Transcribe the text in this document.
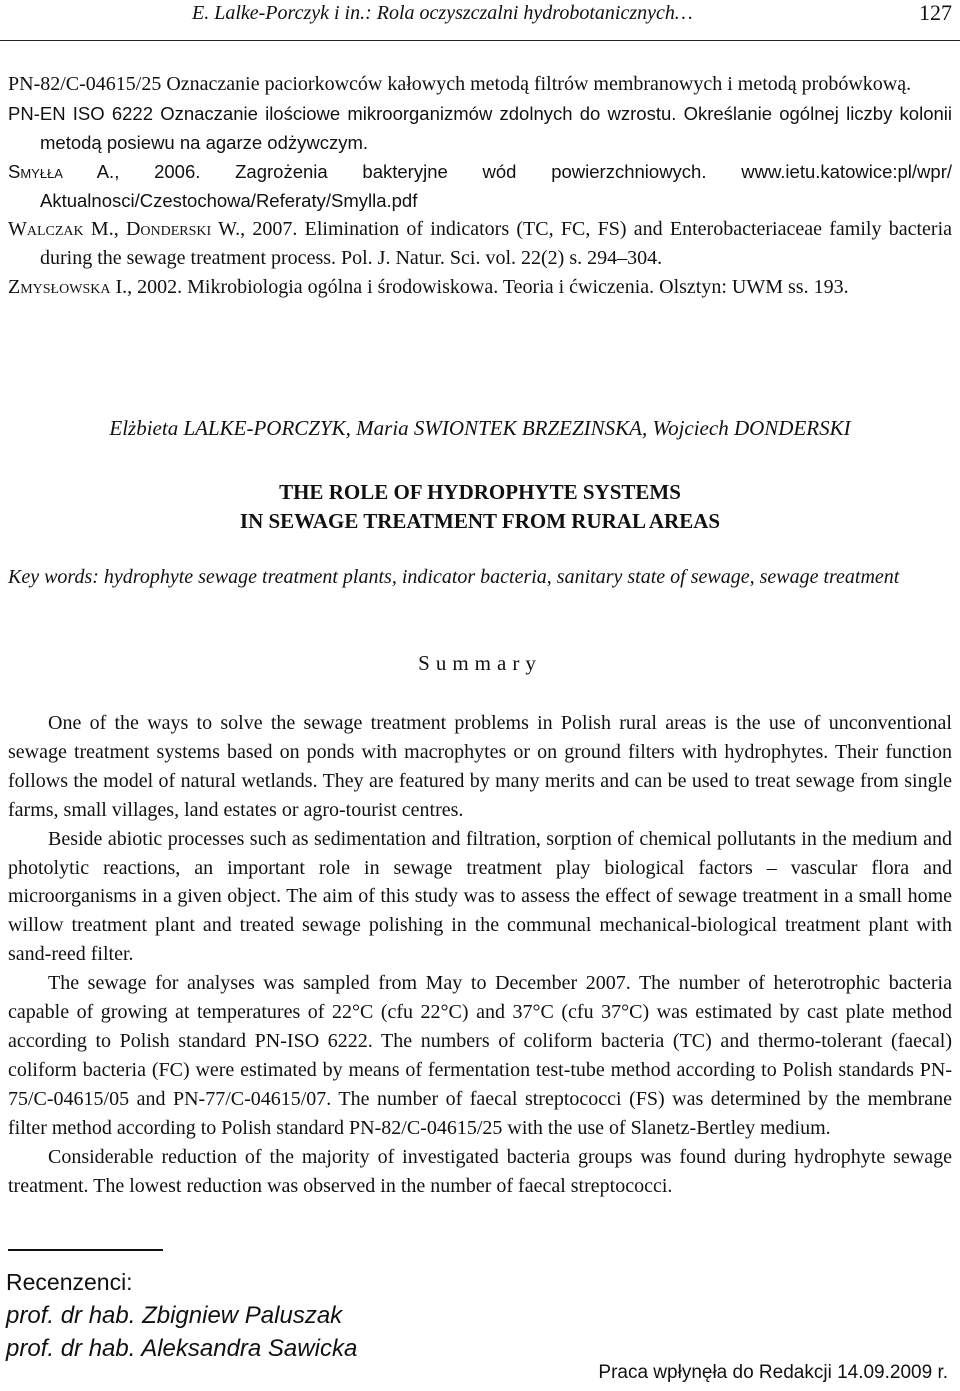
E. Lalke-Porczyk i in.: Rola oczyszczalni hydrobotanicznych…	127

PN-82/C-04615/25 Oznaczanie paciorkowców kałowych metodą filtrów membranowych i metodą probówkową.

PN-EN ISO 6222 Oznaczanie ilościowe mikroorganizmów zdolnych do wzrostu. Określanie ogólnej liczby kolonii metodą posiewu na agarze odżywczym.

Smyłła A., 2006. Zagrożenia bakteryjne wód powierzchniowych. www.ietu.katowice:pl/wpr/ Aktualnosci/Czestochowa/Referaty/Smylla.pdf

Walczak M., Donderski W., 2007. Elimination of indicators (TC, FC, FS) and Enterobacteriaceae family bacteria during the sewage treatment process. Pol. J. Natur. Sci. vol. 22(2) s. 294–304.

Zmysłowska I., 2002. Mikrobiologia ogólna i środowiskowa. Teoria i ćwiczenia. Olsztyn: UWM ss. 193.

Elżbieta LALKE-PORCZYK, Maria SWIONTEK BRZEZINSKA, Wojciech DONDERSKI
THE ROLE OF HYDROPHYTE SYSTEMS
IN SEWAGE TREATMENT FROM RURAL AREAS
Key words: hydrophyte sewage treatment plants, indicator bacteria, sanitary state of sewage, sewage treatment
Summary

One of the ways to solve the sewage treatment problems in Polish rural areas is the use of unconventional sewage treatment systems based on ponds with macrophytes or on ground filters with hydrophytes. Their function follows the model of natural wetlands. They are featured by many merits and can be used to treat sewage from single farms, small villages, land estates or agro-tourist centres.

Beside abiotic processes such as sedimentation and filtration, sorption of chemical pollutants in the medium and photolytic reactions, an important role in sewage treatment play biological factors – vascular flora and microorganisms in a given object. The aim of this study was to assess the effect of sewage treatment in a small home willow treatment plant and treated sewage polishing in the communal mechanical-biological treatment plant with sand-reed filter.

The sewage for analyses was sampled from May to December 2007. The number of heterotrophic bacteria capable of growing at temperatures of 22°C (cfu 22°C) and 37°C (cfu 37°C) was estimated by cast plate method according to Polish standard PN-ISO 6222. The numbers of coliform bacteria (TC) and thermo-tolerant (faecal) coliform bacteria (FC) were estimated by means of fermentation test-tube method according to Polish standards PN-75/C-04615/05 and PN-77/C-04615/07. The number of faecal streptococci (FS) was determined by the membrane filter method according to Polish standard PN-82/C-04615/25 with the use of Slanetz-Bertley medium.

Considerable reduction of the majority of investigated bacteria groups was found during hydrophyte sewage treatment. The lowest reduction was observed in the number of faecal streptococci.

Recenzenci:
prof. dr hab. Zbigniew Paluszak
prof. dr hab. Aleksandra Sawicka
Praca wpłynęła do Redakcji 14.09.2009 r.
